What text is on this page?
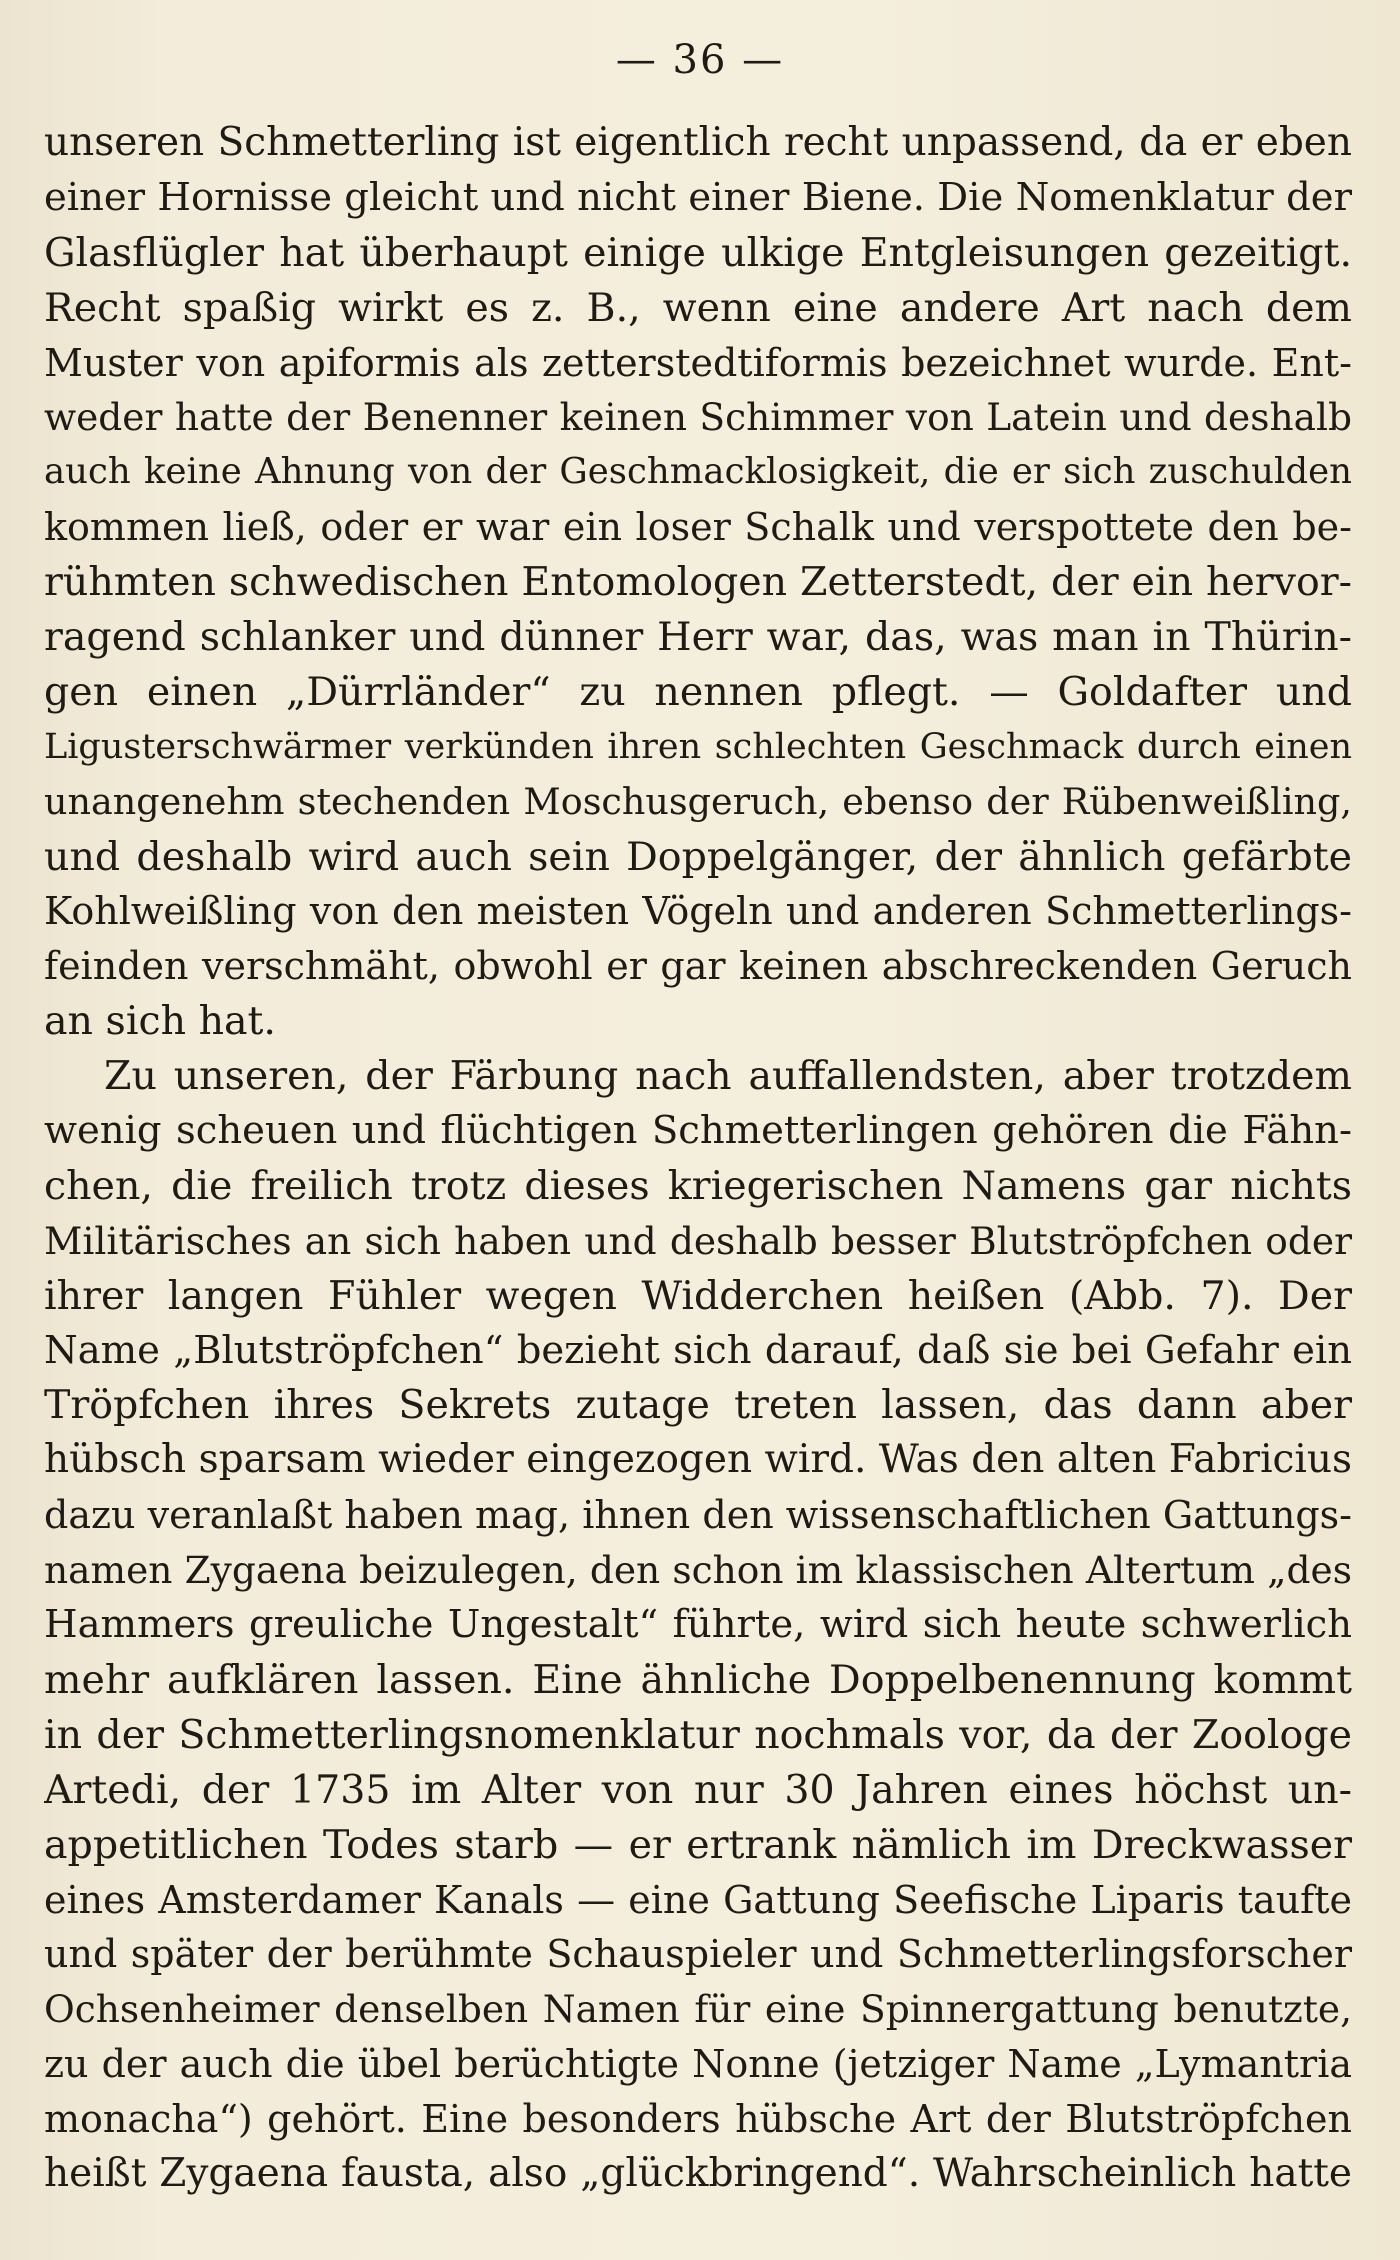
— 36 —
unseren Schmetterling ist eigentlich recht unpassend, da er eben
einer Hornisse gleicht und nicht einer Biene. Die Nomenklatur der
Glasflügler hat überhaupt einige ulkige Entgleisungen gezeitigt.
Recht spaßig wirkt es z. B., wenn eine andere Art nach dem
Muster von apiformis als zetterstedtiformis bezeichnet wurde. Ent-
weder hatte der Benenner keinen Schimmer von Latein und deshalb
auch keine Ahnung von der Geschmacklosigkeit, die er sich zuschulden
kommen ließ, oder er war ein loser Schalk und verspottete den be-
rühmten schwedischen Entomologen Zetterstedt, der ein hervor-
ragend schlanker und dünner Herr war, das, was man in Thürin-
gen einen „Dürrländer“ zu nennen pflegt. — Goldafter und
Ligusterschwärmer verkünden ihren schlechten Geschmack durch einen
unangenehm stechenden Moschusgeruch, ebenso der Rübenweißling,
und deshalb wird auch sein Doppelgänger, der ähnlich gefärbte
Kohlweißling von den meisten Vögeln und anderen Schmetterlings-
feinden verschmäht, obwohl er gar keinen abschreckenden Geruch
an sich hat.
Zu unseren, der Färbung nach auffallendsten, aber trotzdem
wenig scheuen und flüchtigen Schmetterlingen gehören die Fähn-
chen, die freilich trotz dieses kriegerischen Namens gar nichts
Militärisches an sich haben und deshalb besser Blutströpfchen oder
ihrer langen Fühler wegen Widderchen heißen (Abb. 7). Der
Name „Blutströpfchen“ bezieht sich darauf, daß sie bei Gefahr ein
Tröpfchen ihres Sekrets zutage treten lassen, das dann aber
hübsch sparsam wieder eingezogen wird. Was den alten Fabricius
dazu veranlaßt haben mag, ihnen den wissenschaftlichen Gattungs-
namen Zygaena beizulegen, den schon im klassischen Altertum „des
Hammers greuliche Ungestalt“ führte, wird sich heute schwerlich
mehr aufklären lassen. Eine ähnliche Doppelbenennung kommt
in der Schmetterlingsnomenklatur nochmals vor, da der Zoologe
Artedi, der 1735 im Alter von nur 30 Jahren eines höchst un-
appetitlichen Todes starb — er ertrank nämlich im Dreckwasser
eines Amsterdamer Kanals — eine Gattung Seefische Liparis taufte
und später der berühmte Schauspieler und Schmetterlingsforscher
Ochsenheimer denselben Namen für eine Spinnergattung benutzte,
zu der auch die übel berüchtigte Nonne (jetziger Name „Lymantria
monacha“) gehört. Eine besonders hübsche Art der Blutströpfchen
heißt Zygaena fausta, also „glückbringend“. Wahrscheinlich hatte
